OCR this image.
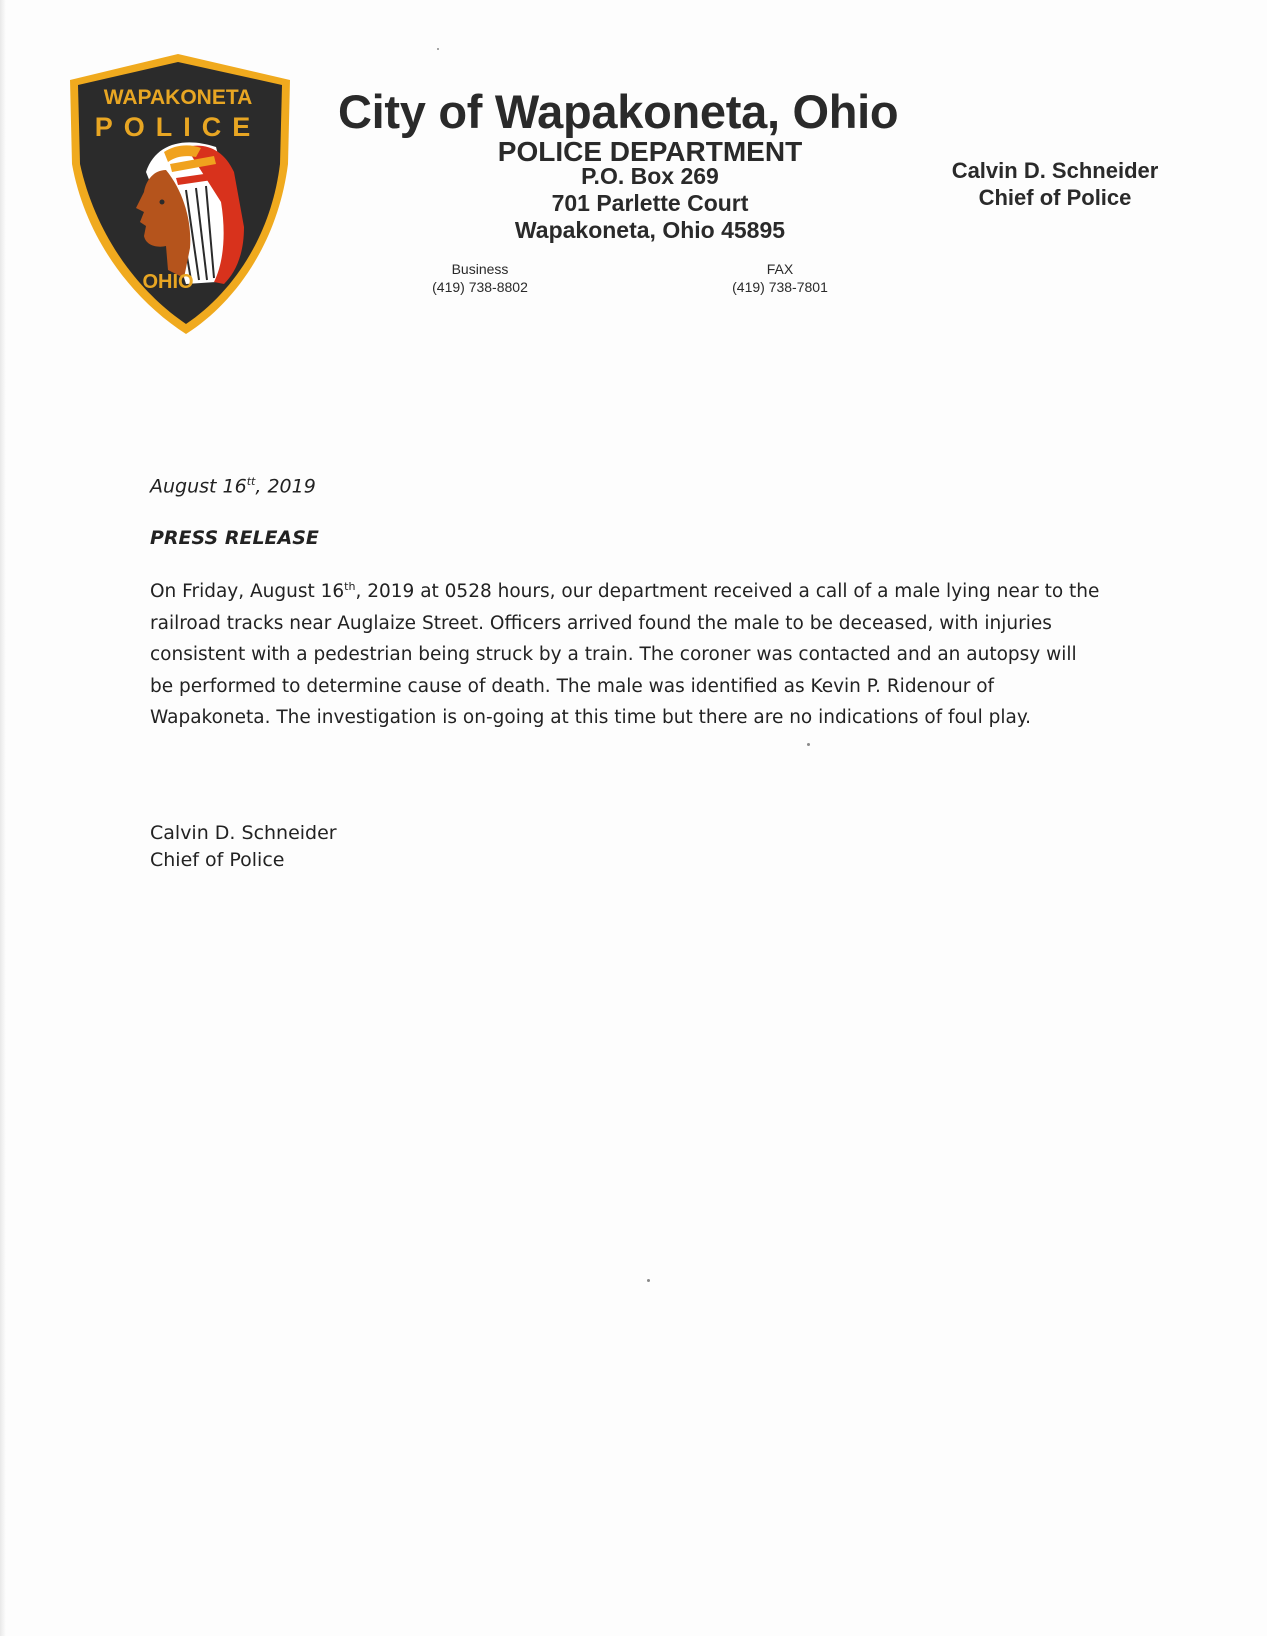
WAPAKONETA
POLICE
OHIO
City of Wapakoneta, Ohio
POLICE DEPARTMENT
P.O. Box 269
701 Parlette Court
Wapakoneta, Ohio 45895
Business
(419) 738-8802
FAX
(419) 738-7801
Calvin D. Schneider
Chief of Police
August $16^{tt}$, 2019
PRESS RELEASE
On Friday, August 16th, 2019 at 0528 hours, our department received a call of a male lying near to the railroad tracks near Auglaize Street. Officers arrived found the male to be deceased, with injuries consistent with a pedestrian being struck by a train. The coroner was contacted and an autopsy will be performed to determine cause of death. The male was identified as Kevin P. Ridenour of Wapakoneta. The investigation is on-going at this time but there are no indications of foul play.
Calvin D. Schneider
Chief of Police
